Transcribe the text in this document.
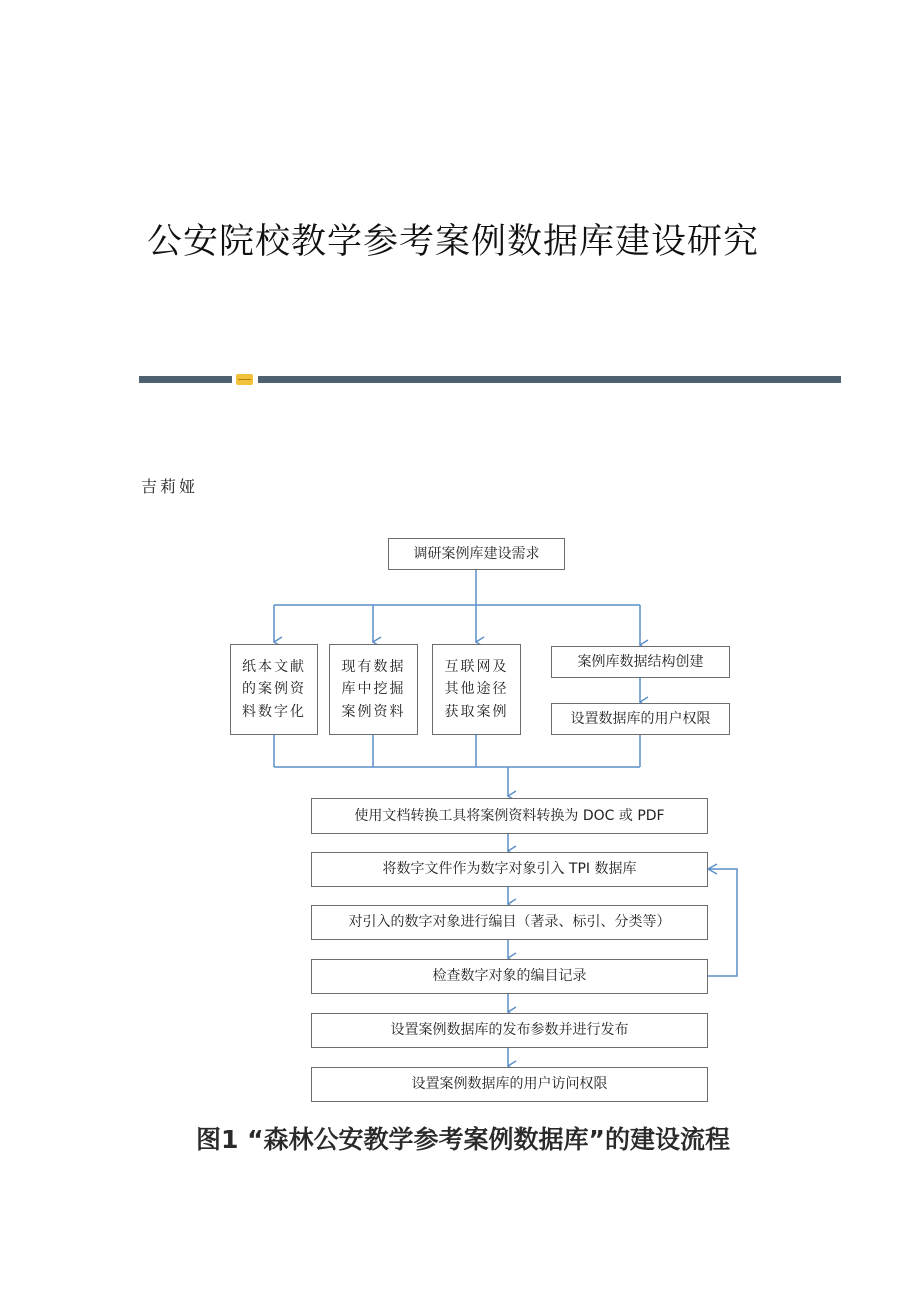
公安院校教学参考案例数据库建设研究
吉莉娅
调研案例库建设需求
纸本文献
的案例资
料数字化
现有数据
库中挖掘
案例资料
互联网及
其他途径
获取案例
案例库数据结构创建
设置数据库的用户权限
使用文档转换工具将案例资料转换为 DOC 或 PDF
将数字文件作为数字对象引入 TPI 数据库
对引入的数字对象进行编目（著录、标引、分类等）
检查数字对象的编目记录
设置案例数据库的发布参数并进行发布
设置案例数据库的用户访问权限
图1 “森林公安教学参考案例数据库”的建设流程
